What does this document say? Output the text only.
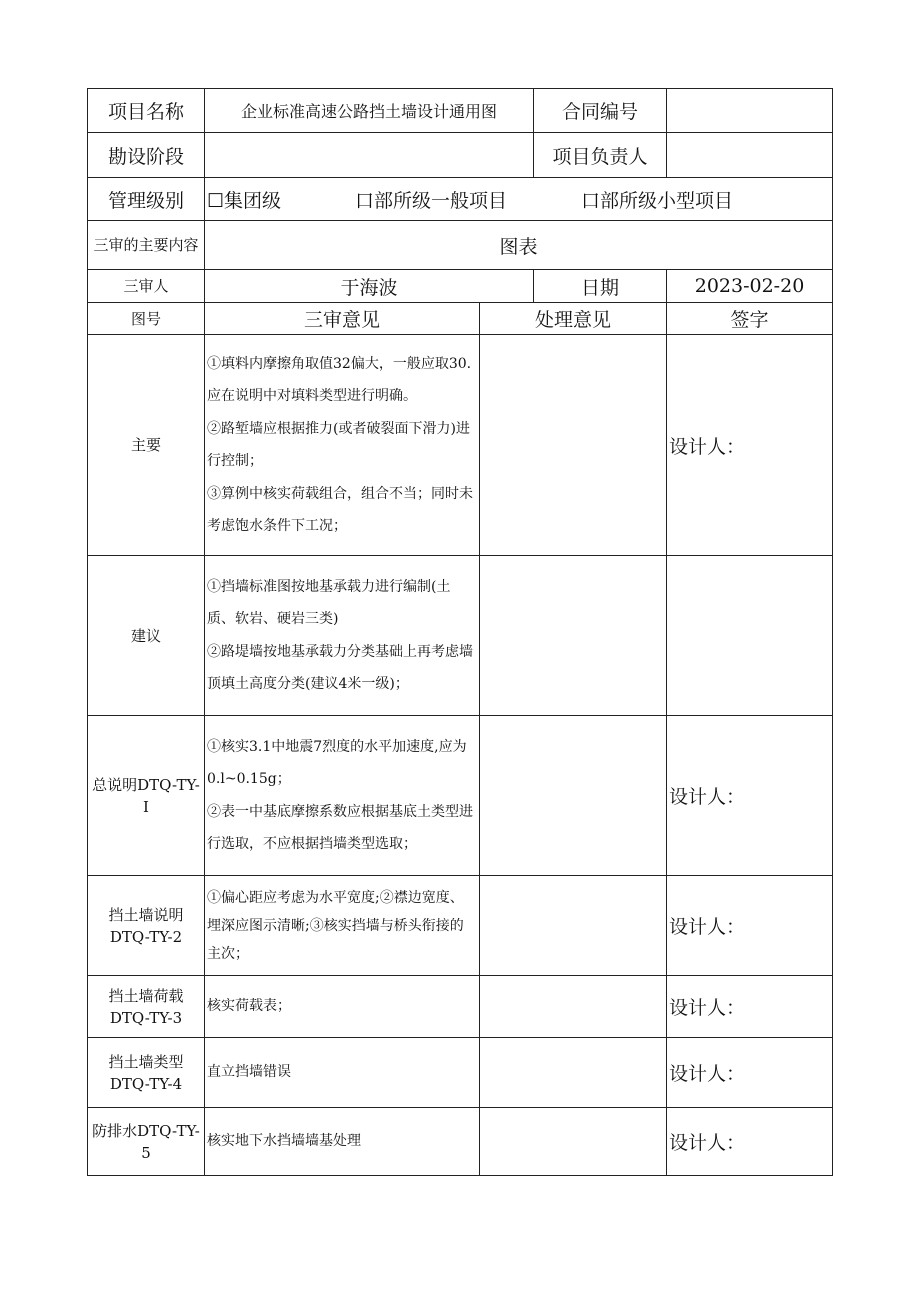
项目名称	企业标准高速公路挡土墙设计通用图		合同编号	
勘设阶段			项目负责人	
管理级别	☐集团级 口部所级一般项目 口部所级小型项目			
三审的主要内容	图表			
三审人	于海波		日期	2023-02-20
图号	三审意见	处理意见		签字
主要	①填料内摩擦角取值32偏大，一般应取30.应在说明中对填料类型进行明确。
②路堑墙应根据推力(或者破裂面下滑力)进行控制；
③算例中核实荷载组合，组合不当；同时未考虑饱水条件下工况；			设计人：
建议	①挡墙标准图按地基承载力进行编制(土质、软岩、硬岩三类)
②路堤墙按地基承载力分类基础上再考虑墙顶填土高度分类(建议4米一级)；			

总说明DTQ-TY-I	①核实3.1中地震7烈度的水平加速度,应为0.l~0.15g；
②表一中基底摩擦系数应根据基底土类型进行选取，不应根据挡墙类型选取；			设计人：
挡土墙说明DTQ-TY-2	①偏心距应考虑为水平宽度;②襟边宽度、埋深应图示清晰;③核实挡墙与桥头衔接的主次；			设计人：
挡土墙荷载DTQ-TY-3	核实荷载表；			设计人：
挡土墙类型DTQ-TY-4	直立挡墙错误			设计人：
防排水DTQ-TY-5	核实地下水挡墙墙基处理			设计人：
